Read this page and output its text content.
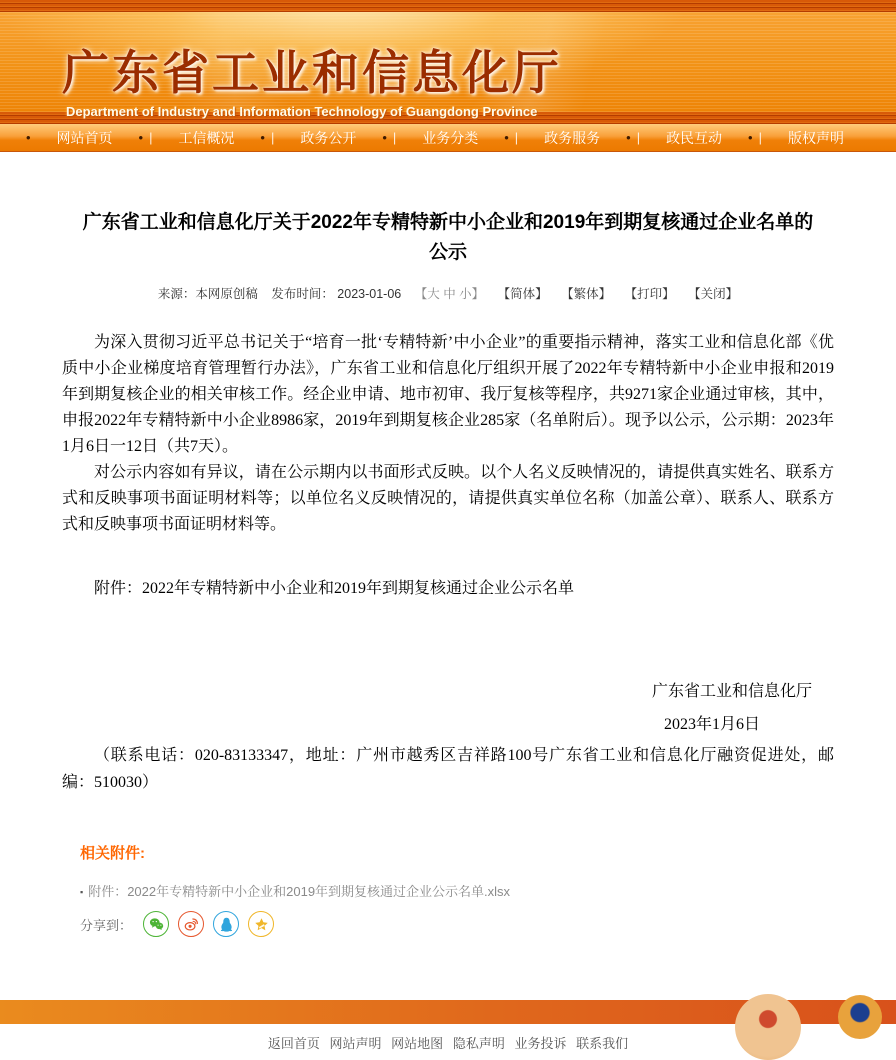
广东省工业和信息化厅
Department of Industry and Information Technology of Guangdong Province
•	网站首页	• |	工信概况	• |	政务公开	• |	业务分类	• |	政务服务	• |	政民互动	• |	版权声明
广东省工业和信息化厅关于2022年专精特新中小企业和2019年到期复核通过企业名单的公示
来源：本网原创稿 发布时间： 2023-01-06 【大 中 小】 【简体】 【繁体】 【打印】 【关闭】

为深入贯彻习近平总书记关于“培育一批‘专精特新’中小企业”的重要指示精神，落实工业和信息化部《优质中小企业梯度培育管理暂行办法》，广东省工业和信息化厅组织开展了2022年专精特新中小企业申报和2019年到期复核企业的相关审核工作。经企业申请、地市初审、我厅复核等程序，共9271家企业通过审核，其中，申报2022年专精特新中小企业8986家，2019年到期复核企业285家（名单附后）。现予以公示，公示期：2023年1月6日一12日（共7天）。

对公示内容如有异议，请在公示期内以书面形式反映。以个人名义反映情况的，请提供真实姓名、联系方式和反映事项书面证明材料等；以单位名义反映情况的，请提供真实单位名称（加盖公章）、联系人、联系方式和反映事项书面证明材料等。

附件：2022年专精特新中小企业和2019年到期复核通过企业公示名单
广东省工业和信息化厅
2023年1月6日
（联系电话：020-83133347，地址：广州市越秀区吉祥路100号广东省工业和信息化厅融资促进处，邮编：510030）
相关附件:
▪ 附件：2022年专精特新中小企业和2019年到期复核通过企业公示名单.xlsx
分享到：
返回首页 网站声明 网站地图 隐私声明 业务投诉 联系我们
